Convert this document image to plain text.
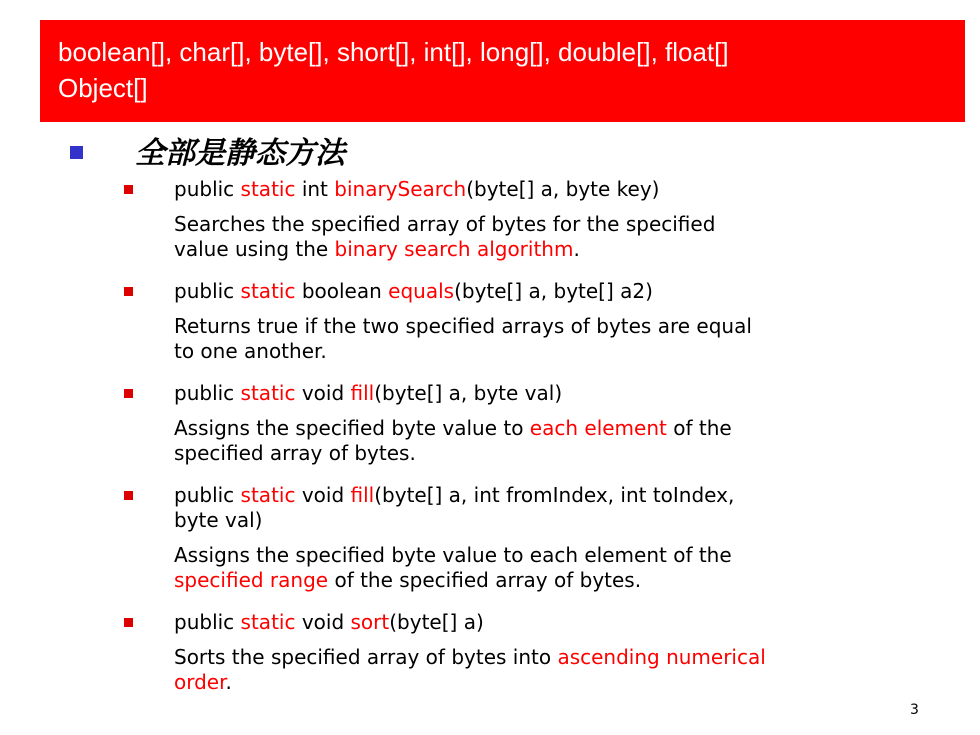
boolean[], char[], byte[], short[], int[], long[], double[], float[]
Object[]
全部是静态方法
public static int binarySearch(byte[] a, byte key)
Searches the specified array of bytes for the specified
value using the binary search algorithm.
public static boolean equals(byte[] a, byte[] a2)
Returns true if the two specified arrays of bytes are equal
to one another.
public static void fill(byte[] a, byte val)
Assigns the specified byte value to each element of the
specified array of bytes.
public static void fill(byte[] a, int fromIndex, int toIndex,
byte val)
Assigns the specified byte value to each element of the
specified range of the specified array of bytes.
public static void sort(byte[] a)
Sorts the specified array of bytes into ascending numerical
order.
3
